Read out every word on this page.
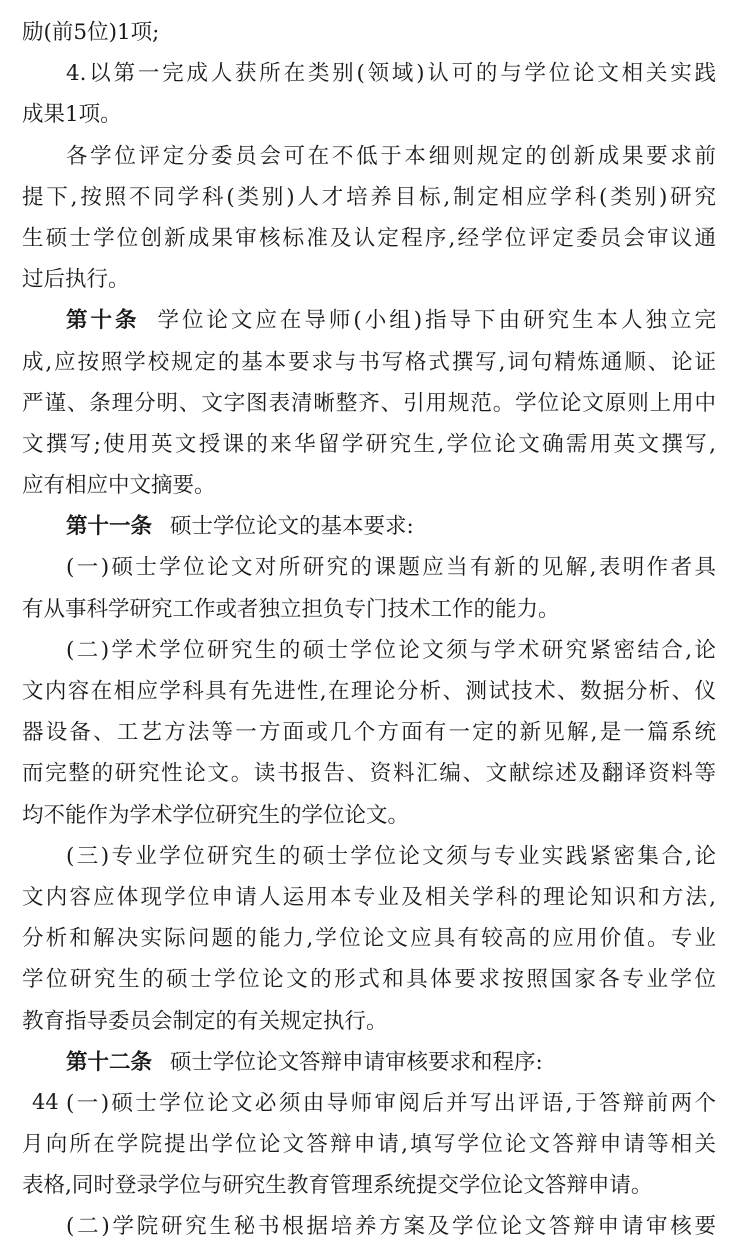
励(前5位)1项;
4.以第一完成人获所在类别(领域)认可的与学位论文相关实践
成果1项。
各学位评定分委员会可在不低于本细则规定的创新成果要求前
提下,按照不同学科(类别)人才培养目标,制定相应学科(类别)研究
生硕士学位创新成果审核标准及认定程序,经学位评定委员会审议通
过后执行。
第十条 学位论文应在导师(小组)指导下由研究生本人独立完
成,应按照学校规定的基本要求与书写格式撰写,词句精炼通顺、论证
严谨、条理分明、文字图表清晰整齐、引用规范。学位论文原则上用中
文撰写;使用英文授课的来华留学研究生,学位论文确需用英文撰写,
应有相应中文摘要。
第十一条 硕士学位论文的基本要求:
(一)硕士学位论文对所研究的课题应当有新的见解,表明作者具
有从事科学研究工作或者独立担负专门技术工作的能力。
(二)学术学位研究生的硕士学位论文须与学术研究紧密结合,论
文内容在相应学科具有先进性,在理论分析、测试技术、数据分析、仪
器设备、工艺方法等一方面或几个方面有一定的新见解,是一篇系统
而完整的研究性论文。读书报告、资料汇编、文献综述及翻译资料等
均不能作为学术学位研究生的学位论文。
(三)专业学位研究生的硕士学位论文须与专业实践紧密集合,论
文内容应体现学位申请人运用本专业及相关学科的理论知识和方法,
分析和解决实际问题的能力,学位论文应具有较高的应用价值。专业
学位研究生的硕士学位论文的形式和具体要求按照国家各专业学位
教育指导委员会制定的有关规定执行。
第十二条 硕士学位论文答辩申请审核要求和程序:
(一)硕士学位论文必须由导师审阅后并写出评语,于答辩前两个
月向所在学院提出学位论文答辩申请,填写学位论文答辩申请等相关
表格,同时登录学位与研究生教育管理系统提交学位论文答辩申请。
(二)学院研究生秘书根据培养方案及学位论文答辩申请审核要
44
